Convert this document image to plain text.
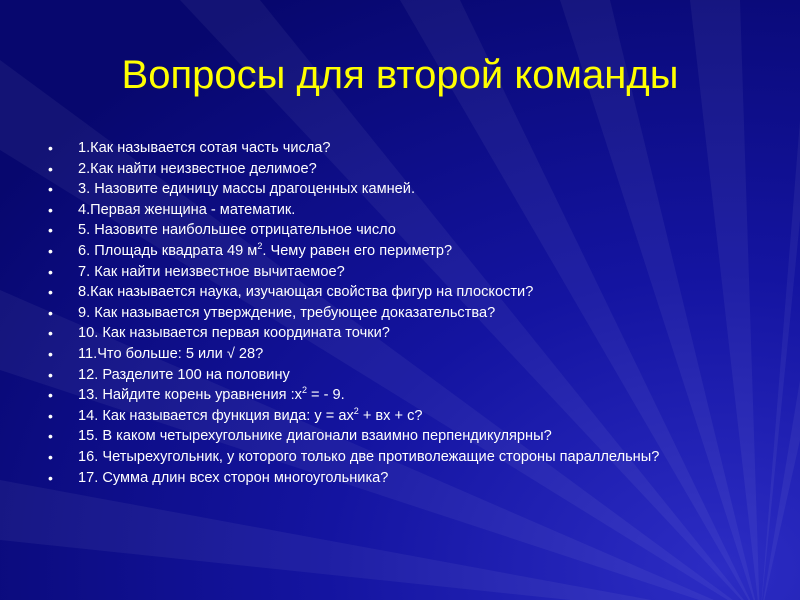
Вопросы для второй команды
•	1.Как называется сотая часть числа?
•	2.Как найти неизвестное делимое?
•	3. Назовите единицу массы драгоценных камней.
•	4.Первая женщина - математик.
•	5. Назовите наибольшее отрицательное число
•	6. Площадь квадрата 49 $м^2$. Чему равен его периметр?
•	7. Как найти неизвестное вычитаемое?
•	8.Как называется наука, изучающая свойства фигур на плоскости?
•	9. Как называется утверждение, требующее доказательства?
•	10. Как называется первая координата точки?
•	11.Что больше: 5 или √ 28?
•	12. Разделите 100 на половину
•	13. Найдите корень уравнения $:х^2$ = - 9.
•	14. Как называется функция вида: $у = ах^2$ + вх + с?
•	15. В каком четырехугольнике диагонали взаимно перпендикулярны?
•	16. Четырехугольник, у которого только две противолежащие стороны параллельны?
•	17. Сумма длин всех сторон многоугольника?
